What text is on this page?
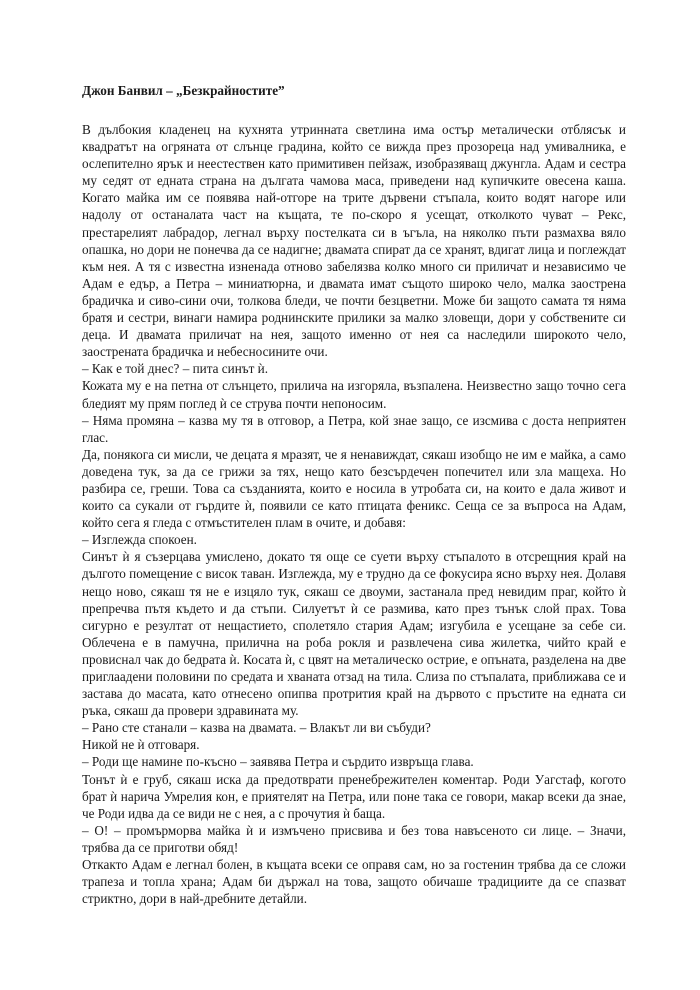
Джон Банвил – „Безкрайностите”

В дълбокия кладенец на кухнята утринната светлина има остър металически отблясък и квадратът на огряната от слънце градина, който се вижда през прозореца над умивалника, е ослепително ярък и неестествен като примитивен пейзаж, изобразяващ джунгла. Адам и сестра му седят от едната страна на дългата чамова маса, приведени над купичките овесена каша. Когато майка им се появява най-отгоре на трите дървени стъпала, които водят нагоре или надолу от останалата част на къщата, те по-скоро я усещат, отколкото чуват – Рекс, престарелият лабрадор, легнал върху постелката си в ъгъла, на няколко пъти размахва вяло опашка, но дори не понечва да се надигне; двамата спират да се хранят, вдигат лица и поглеждат към нея. А тя с известна изненада отново забелязва колко много си приличат и независимо че Адам е едър, а Петра – миниатюрна, и двамата имат същото широко чело, малка заострена брадичка и сиво-сини очи, толкова бледи, че почти безцветни. Може би защото самата тя няма братя и сестри, винаги намира роднинските прилики за малко зловещи, дори у собствените си деца. И двамата приличат на нея, защото именно от нея са наследили широкото чело, заострената брадичка и небесносините очи.

– Как е той днес? – пита синът ѝ.

Кожата му е на петна от слънцето, прилича на изгоряла, възпалена. Неизвестно защо точно сега бледият му прям поглед ѝ се струва почти непоносим.

– Няма промяна – казва му тя в отговор, а Петра, кой знае защо, се изсмива с доста неприятен глас.

Да, понякога си мисли, че децата я мразят, че я ненавиждат, сякаш изобщо не им е майка, а само доведена тук, за да се грижи за тях, нещо като безсърдечен попечител или зла мащеха. Но разбира се, греши. Това са създанията, които е носила в утробата си, на които е дала живот и които са сукали от гърдите ѝ, появили се като птицата феникс. Сеща се за въпроса на Адам, който сега я гледа с отмъстителен плам в очите, и добавя:

– Изглежда спокоен.

Синът ѝ я съзерцава умислено, докато тя още се суети върху стъпалото в отсрещния край на дългото помещение с висок таван. Изглежда, му е трудно да се фокусира ясно върху нея. Долавя нещо ново, сякаш тя не е изцяло тук, сякаш се двоуми, застанала пред невидим праг, който ѝ препречва пътя където и да стъпи. Силуетът ѝ се размива, като през тънък слой прах. Това сигурно е резултат от нещастието, сполетяло стария Адам; изгубила е усещане за себе си. Облечена е в памучна, прилична на роба рокля и развлечена сива жилетка, чийто край е провиснал чак до бедрата ѝ. Косата ѝ, с цвят на металическо острие, е опъната, разделена на две приглаадени половини по средата и хваната отзад на тила. Слиза по стъпалата, приближава се и застава до масата, като отнесено опипва протрития край на дървото с пръстите на едната си ръка, сякаш да провери здравината му.

– Рано сте станали – казва на двамата. – Влакът ли ви събуди?

Никой не ѝ отговаря.

– Роди ще намине по-късно – заявява Петра и сърдито извръща глава.

Тонът ѝ е груб, сякаш иска да предотврати пренебрежителен коментар. Роди Уагстаф, когото брат ѝ нарича Умрелия кон, е приятелят на Петра, или поне така се говори, макар всеки да знае, че Роди идва да се види не с нея, а с прочутия ѝ баща.

– О! – промърморва майка ѝ и измъчено присвива и без това навъсеното си лице. – Значи, трябва да се приготви обяд!

Откакто Адам е легнал болен, в къщата всеки се оправя сам, но за гостенин трябва да се сложи трапеза и топла храна; Адам би държал на това, защото обичаше традициите да се спазват стриктно, дори в най-дребните детайли.
